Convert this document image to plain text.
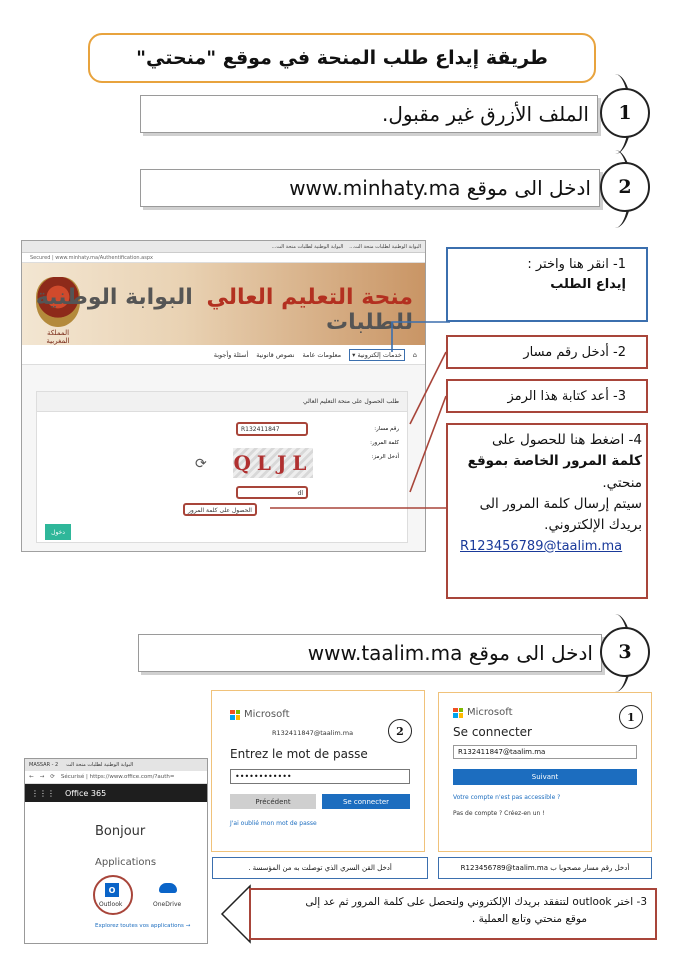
طريقة إيداع طلب المنحة في موقع "منحتي"
الملف الأزرق غير مقبول.	1
ادخل الى موقع www.minhaty.ma	2
البوابة الوطنية لطلبات منحة الت...
البوابة الوطنية لطلبات منحة الت...
Secured | www.minhaty.ma/Authentification.aspx
المملكة المغربية
منحة التعليم العالي البوابة الوطنية للطلبات
⌂
خدمات إلكترونية ▾
معلومات عامة
نصوص قانونية
أسئلة وأجوبة
طلب الحصول على منحة التعليم العالي
رقم مسار:
كلمة المرور:
أدخل الرمز:
R132411847
⟳ QLJL
dl
الحصول على كلمة المرور
دخول
1- انقر هنا واختر :
إيداع الطلب
2- أدخل رقم مسار
3- أعد كتابة هذا الرمز
4- اضغط هنا للحصول على
كلمة المرور الخاصة بموقع
منحتي.
سيتم إرسال كلمة المرور الى
بريدك الإلكتروني.
R123456789@taalim.ma
ادخل الى موقع www.taalim.ma	3
Microsoft	1
Se connecter
R132411847@taalim.ma
Suivant
Votre compte n'est pas accessible ?
Pas de compte ? Créez-en un !
Microsoft
2
R132411847@taalim.ma
Entrez le mot de passe
••••••••••••
Précédent	Se connecter
J'ai oublié mon mot de passe
أدخل رقم مسار مصحوبا ب R123456789@taalim.ma
أدخل القن السري الذي توصلت به من المؤسسة .
MASSAR - 2 البوابة الوطنية لطلبات منحة الت
← → ⟳ Sécurisé | https://www.office.com/?auth=
⋮⋮⋮ Office 365
Bonjour
Applications
O
Outlook	OneDrive
Explorez toutes vos applications →
3- اختر outlook لتتفقد بريدك الإلكتروني ولتحصل على كلمة المرور ثم عد إلى
موقع منحتي وتابع العملية .
